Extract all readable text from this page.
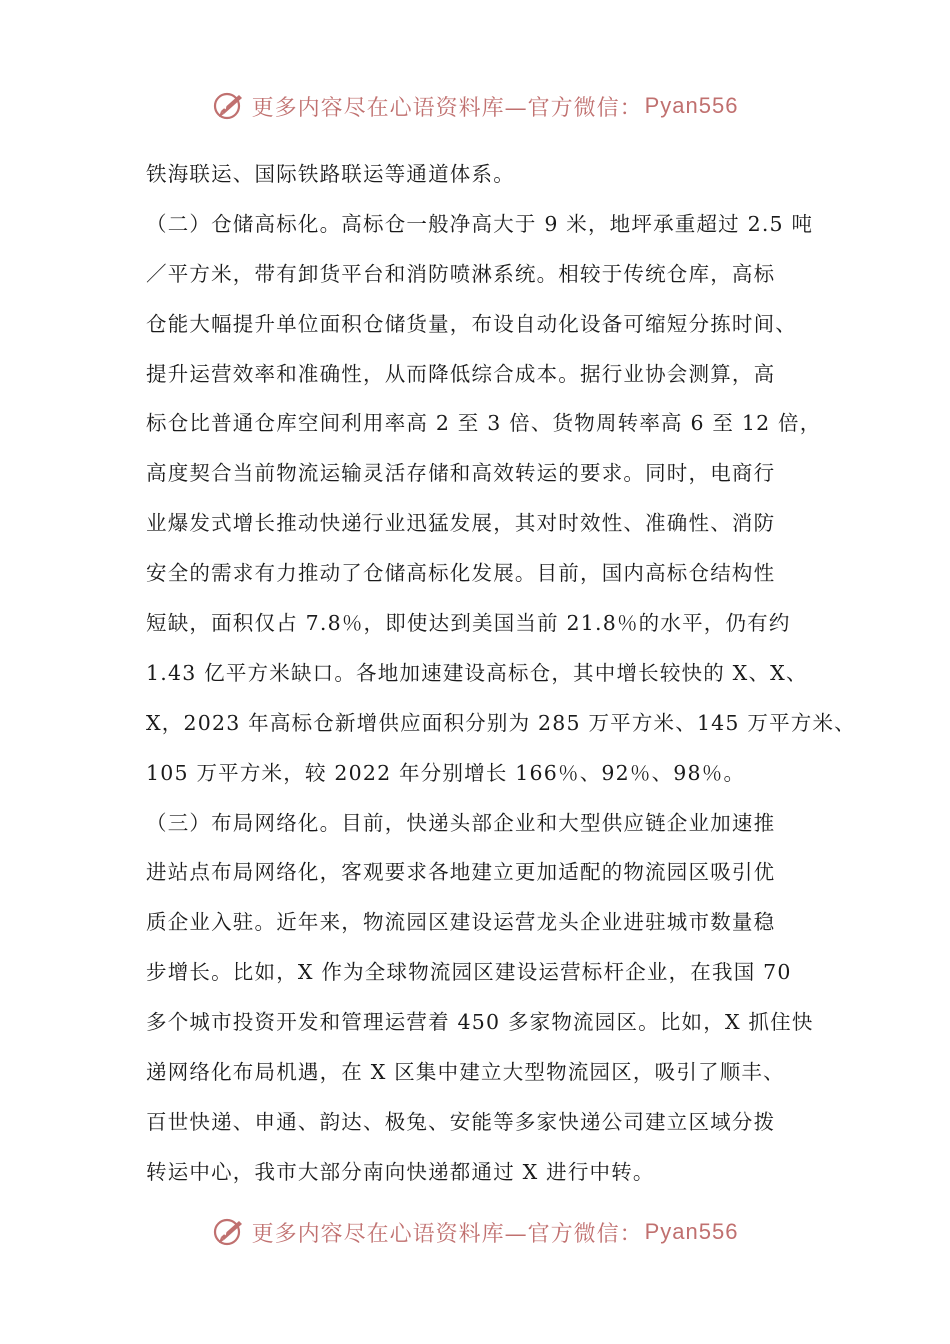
更多内容尽在心语资料库—官方微信： Pyan556
铁海联运、国际铁路联运等通道体系。
（二）仓储高标化。高标仓一般净高大于 9 米，地坪承重超过 2.5 吨
／平方米，带有卸货平台和消防喷淋系统。相较于传统仓库，高标
仓能大幅提升单位面积仓储货量，布设自动化设备可缩短分拣时间、
提升运营效率和准确性，从而降低综合成本。据行业协会测算，高
标仓比普通仓库空间利用率高 2 至 3 倍、货物周转率高 6 至 12 倍，
高度契合当前物流运输灵活存储和高效转运的要求。同时，电商行
业爆发式增长推动快递行业迅猛发展，其对时效性、准确性、消防
安全的需求有力推动了仓储高标化发展。目前，国内高标仓结构性
短缺，面积仅占 7.8％，即使达到美国当前 21.8％的水平，仍有约
1.43 亿平方米缺口。各地加速建设高标仓，其中增长较快的 X、X、
X，2023 年高标仓新增供应面积分别为 285 万平方米、145 万平方米、
105 万平方米，较 2022 年分别增长 166％、92％、98％。
（三）布局网络化。目前，快递头部企业和大型供应链企业加速推
进站点布局网络化，客观要求各地建立更加适配的物流园区吸引优
质企业入驻。近年来，物流园区建设运营龙头企业进驻城市数量稳
步增长。比如，X 作为全球物流园区建设运营标杆企业，在我国 70
多个城市投资开发和管理运营着 450 多家物流园区。比如，X 抓住快
递网络化布局机遇，在 X 区集中建立大型物流园区，吸引了顺丰、
百世快递、申通、韵达、极兔、安能等多家快递公司建立区域分拨
转运中心，我市大部分南向快递都通过 X 进行中转。
更多内容尽在心语资料库—官方微信： Pyan556
